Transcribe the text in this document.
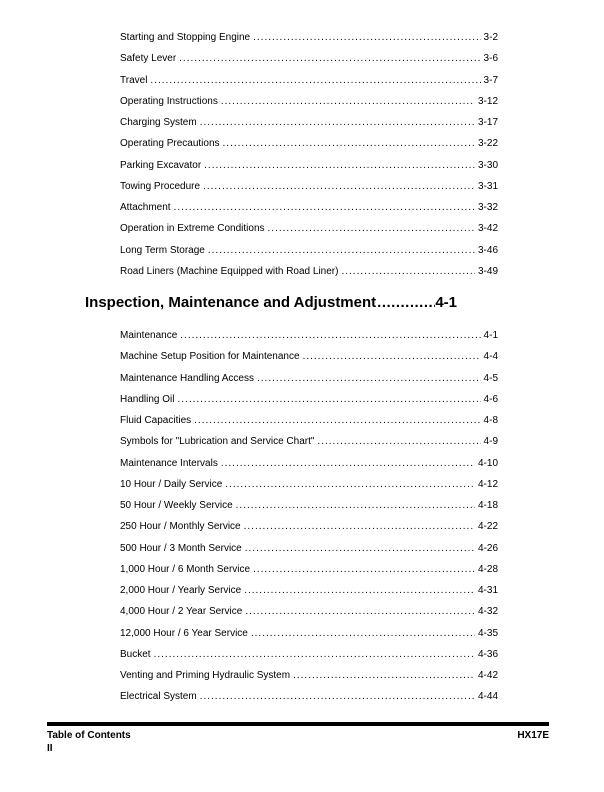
Starting and Stopping Engine .....	3-2
Safety Lever .....	3-6
Travel .....	3-7
Operating Instructions .....	3-12
Charging System .....	3-17
Operating Precautions .....	3-22
Parking Excavator .....	3-30
Towing Procedure .....	3-31
Attachment .....	3-32
Operation in Extreme Conditions .....	3-42
Long Term Storage .....	3-46
Road Liners (Machine Equipped with Road Liner) .....	3-49
Inspection, Maintenance and Adjustment .....	4-1
Maintenance .....	4-1
Machine Setup Position for Maintenance .....	4-4
Maintenance Handling Access .....	4-5
Handling Oil .....	4-6
Fluid Capacities .....	4-8
Symbols for "Lubrication and Service Chart" .....	4-9
Maintenance Intervals .....	4-10
10 Hour / Daily Service .....	4-12
50 Hour / Weekly Service .....	4-18
250 Hour / Monthly Service .....	4-22
500 Hour / 3 Month Service .....	4-26
1,000 Hour / 6 Month Service .....	4-28
2,000 Hour / Yearly Service .....	4-31
4,000 Hour / 2 Year Service .....	4-32
12,000 Hour / 6 Year Service .....	4-35
Bucket .....	4-36
Venting and Priming Hydraulic System .....	4-42
Electrical System .....	4-44
Table of Contents	HX17E
II
